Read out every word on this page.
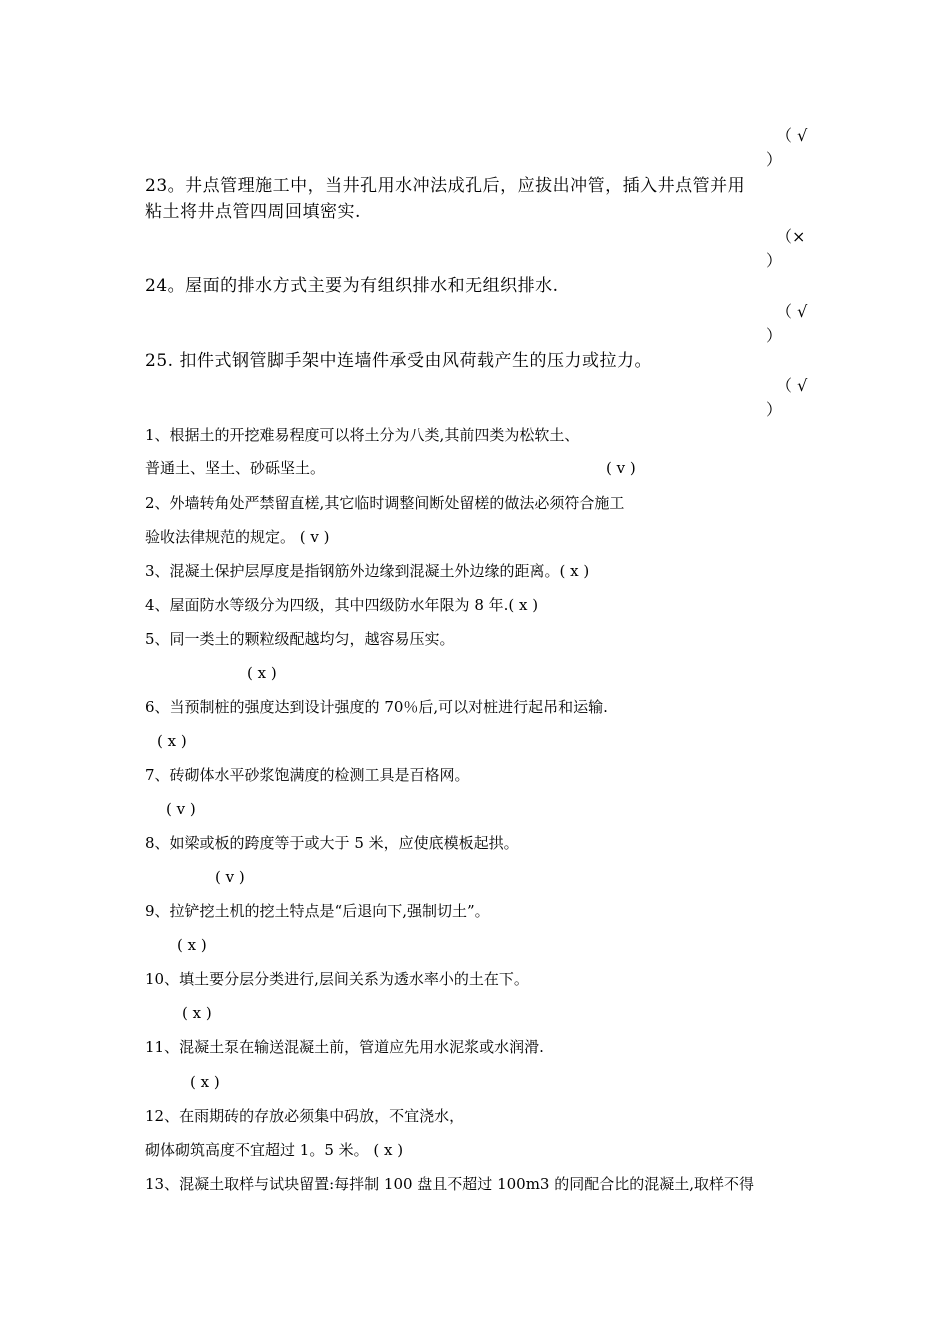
（ √
）
23。井点管理施工中，当井孔用水冲法成孔后，应拔出冲管，插入井点管并用
粘土将井点管四周回填密实.
（×
）
24。屋面的排水方式主要为有组织排水和无组织排水.
（ √
）
25. 扣件式钢管脚手架中连墙件承受由风荷载产生的压力或拉力。
（ √
）
1、根据土的开挖难易程度可以将土分为八类,其前四类为松软土、
普通土、坚土、砂砾坚土。	( v )
2、外墙转角处严禁留直槎,其它临时调整间断处留槎的做法必须符合施工
验收法律规范的规定。 ( v )
3、混凝土保护层厚度是指钢筋外边缘到混凝土外边缘的距离。( x )
4、屋面防水等级分为四级，其中四级防水年限为 8 年.( x )
5、同一类土的颗粒级配越均匀，越容易压实。
( x )
6、当预制桩的强度达到设计强度的 70％后,可以对桩进行起吊和运输.
( x )
7、砖砌体水平砂浆饱满度的检测工具是百格网。
( v )
8、如梁或板的跨度等于或大于 5 米，应使底模板起拱。
( v )
9、拉铲挖土机的挖土特点是“后退向下,强制切土”。
( x )
10、填土要分层分类进行,层间关系为透水率小的土在下。
( x )
11、混凝土泵在输送混凝土前，管道应先用水泥浆或水润滑.
( x )
12、在雨期砖的存放必须集中码放，不宜浇水，
砌体砌筑高度不宜超过 1。5 米。 ( x )
13、混凝土取样与试块留置:每拌制 100 盘且不超过 100m3 的同配合比的混凝土,取样不得
